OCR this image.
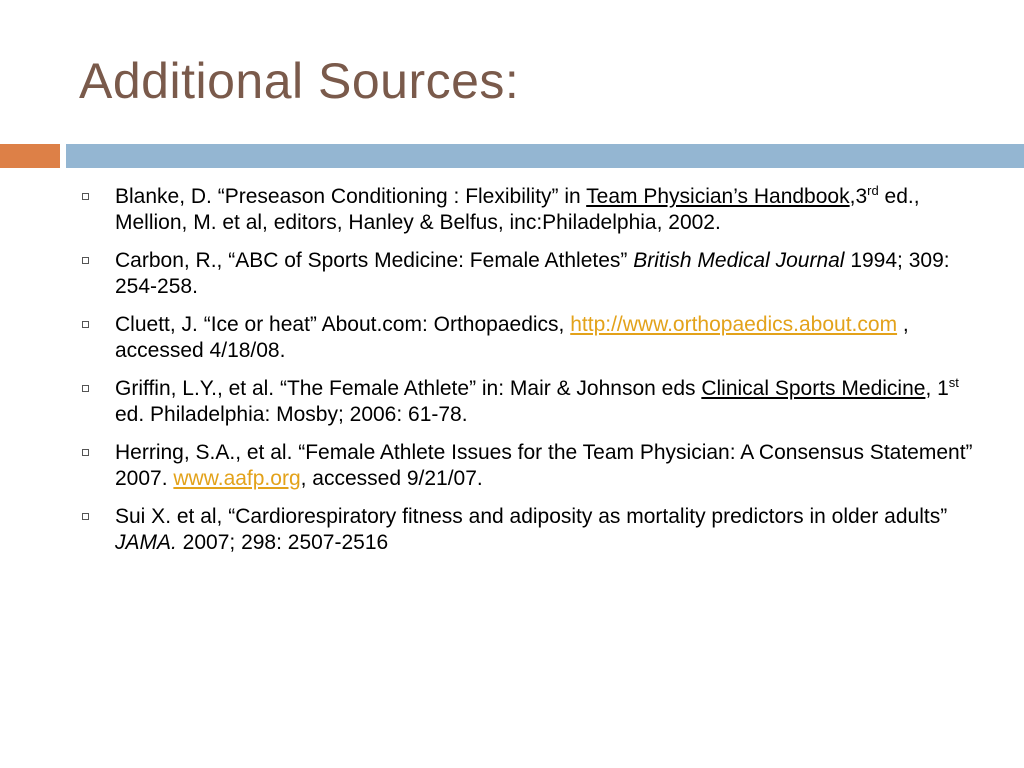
Additional Sources:
Blanke, D. “Preseason Conditioning : Flexibility” in Team Physician’s Handbook,3rd ed., Mellion, M. et al, editors, Hanley & Belfus, inc:Philadelphia, 2002.
Carbon, R., “ABC of Sports Medicine: Female Athletes” British Medical Journal 1994; 309: 254-258.
Cluett, J. “Ice or heat” About.com: Orthopaedics, http://www.orthopaedics.about.com , accessed 4/18/08.
Griffin, L.Y., et al. “The Female Athlete” in: Mair & Johnson eds Clinical Sports Medicine, 1st ed. Philadelphia: Mosby; 2006: 61-78.
Herring, S.A., et al. “Female Athlete Issues for the Team Physician: A Consensus Statement” 2007. www.aafp.org, accessed 9/21/07.
Sui X. et al, “Cardiorespiratory fitness and adiposity as mortality predictors in older adults” JAMA. 2007; 298: 2507-2516
